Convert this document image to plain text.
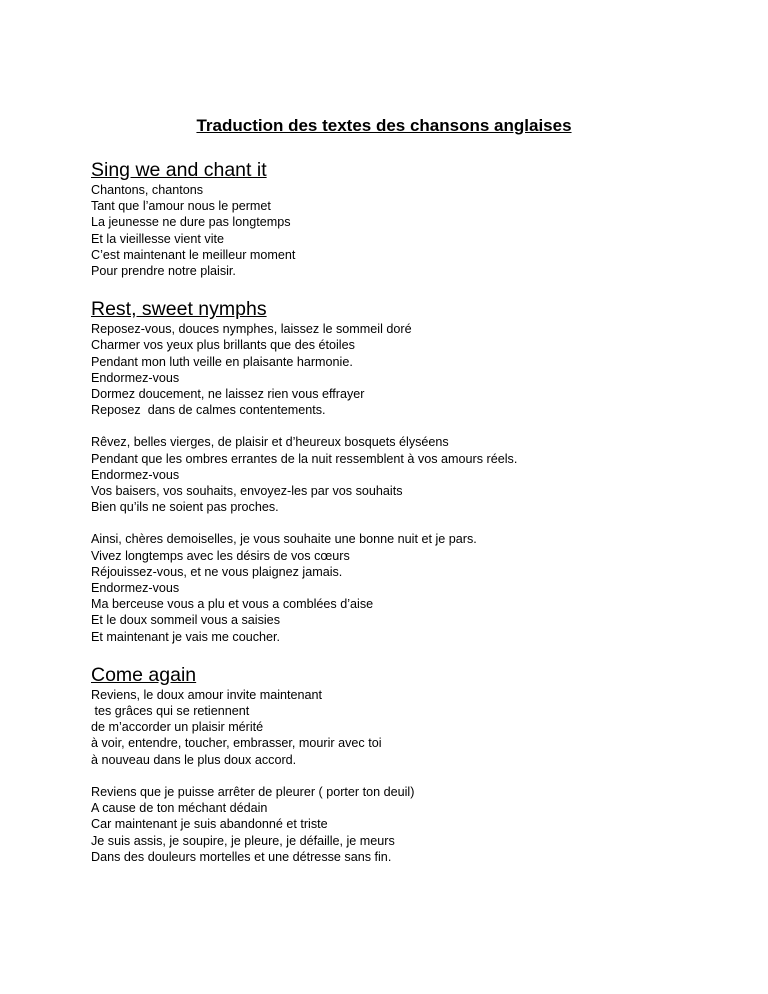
Traduction des textes des chansons anglaises
Sing we and chant it
Chantons, chantons
Tant que l’amour nous le permet
La jeunesse ne dure pas longtemps
Et la vieillesse vient vite
C’est maintenant le meilleur moment
Pour prendre notre plaisir.
Rest, sweet nymphs
Reposez-vous, douces nymphes, laissez le sommeil doré
Charmer vos yeux plus brillants que des étoiles
Pendant mon luth veille en plaisante harmonie.
Endormez-vous
Dormez doucement, ne laissez rien vous effrayer
Reposez  dans de calmes contentements.
Rêvez, belles vierges, de plaisir et d’heureux bosquets élyséens
Pendant que les ombres errantes de la nuit ressemblent à vos amours réels.
Endormez-vous
Vos baisers, vos souhaits, envoyez-les par vos souhaits
Bien qu’ils ne soient pas proches.
Ainsi, chères demoiselles, je vous souhaite une bonne nuit et je pars.
Vivez longtemps avec les désirs de vos cœurs
Réjouissez-vous, et ne vous plaignez jamais.
Endormez-vous
Ma berceuse vous a plu et vous a comblées d’aise
Et le doux sommeil vous a saisies
Et maintenant je vais me coucher.
Come again
Reviens, le doux amour invite maintenant
tes grâces qui se retiennent
de m’accorder un plaisir mérité
à voir, entendre, toucher, embrasser, mourir avec toi
à nouveau dans le plus doux accord.
Reviens que je puisse arrêter de pleurer ( porter ton deuil)
A cause de ton méchant dédain
Car maintenant je suis abandonné et triste
Je suis assis, je soupire, je pleure, je défaille, je meurs
Dans des douleurs mortelles et une détresse sans fin.
